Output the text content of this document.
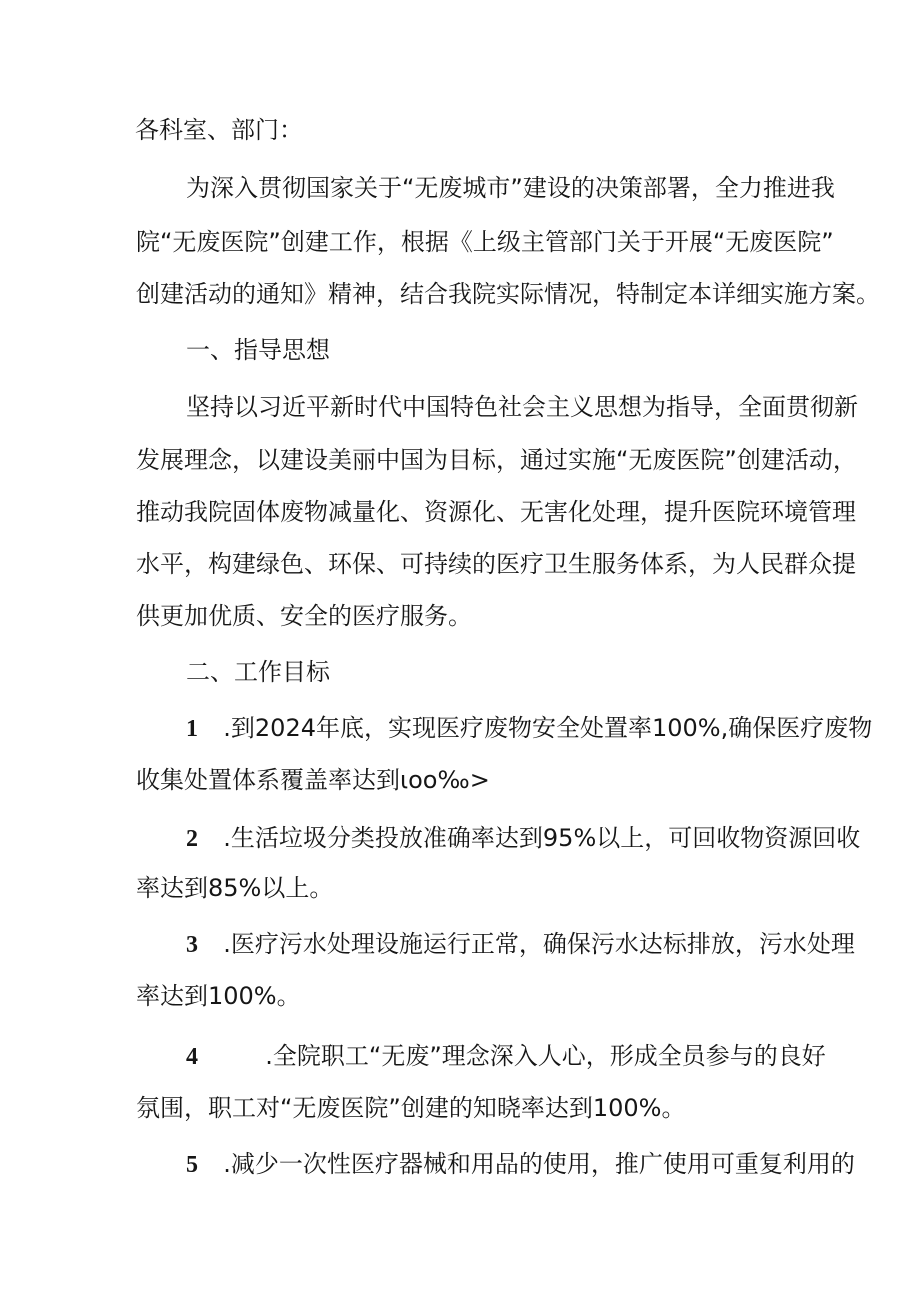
各科室、部门：
为深入贯彻国家关于“无废城市”建设的决策部署，全力推进我
院“无废医院”创建工作，根据《上级主管部门关于开展“无废医院”
创建活动的通知》精神，结合我院实际情况，特制定本详细实施方案。
一、指导思想
坚持以习近平新时代中国特色社会主义思想为指导，全面贯彻新
发展理念，以建设美丽中国为目标，通过实施“无废医院”创建活动，
推动我院固体废物减量化、资源化、无害化处理，提升医院环境管理
水平，构建绿色、环保、可持续的医疗卫生服务体系，为人民群众提
供更加优质、安全的医疗服务。
二、工作目标
1 .到2024年底，实现医疗废物安全处置率100%,确保医疗废物
收集处置体系覆盖率达到ιoo‰>
2 .生活垃圾分类投放准确率达到95%以上，可回收物资源回收
率达到85%以上。
3 .医疗污水处理设施运行正常，确保污水达标排放，污水处理
率达到100%。
4	.全院职工“无废”理念深入人心，形成全员参与的良好
氛围，职工对“无废医院”创建的知晓率达到100%。
5 .减少一次性医疗器械和用品的使用，推广使用可重复利用的
